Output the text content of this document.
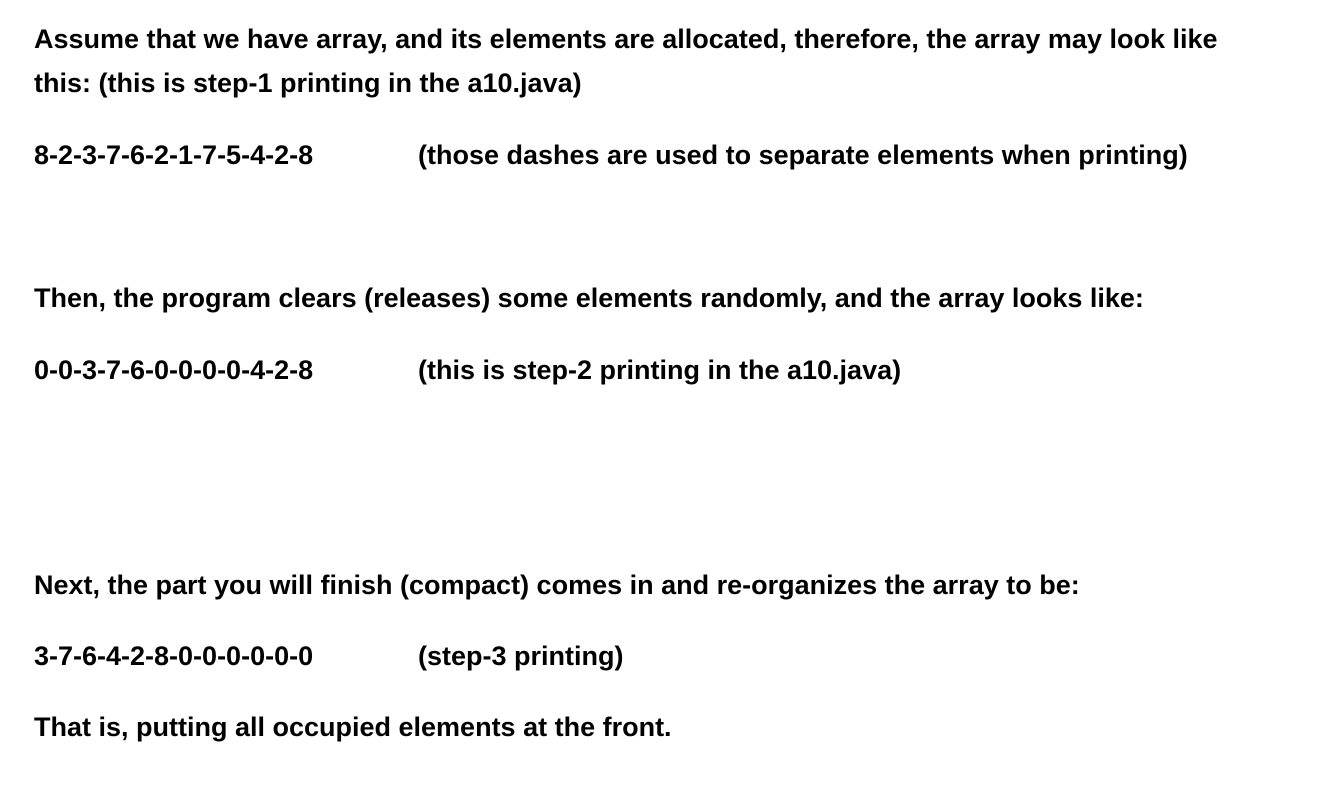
Assume that we have array, and its elements are allocated, therefore, the array may look like
this: (this is step-1 printing in the a10.java)
8-2-3-7-6-2-1-7-5-4-2-8	(those dashes are used to separate elements when printing)
Then, the program clears (releases) some elements randomly, and the array looks like:
0-0-3-7-6-0-0-0-0-4-2-8	(this is step-2 printing in the a10.java)
Next, the part you will finish (compact) comes in and re-organizes the array to be:
3-7-6-4-2-8-0-0-0-0-0-0	(step-3 printing)
That is, putting all occupied elements at the front.
